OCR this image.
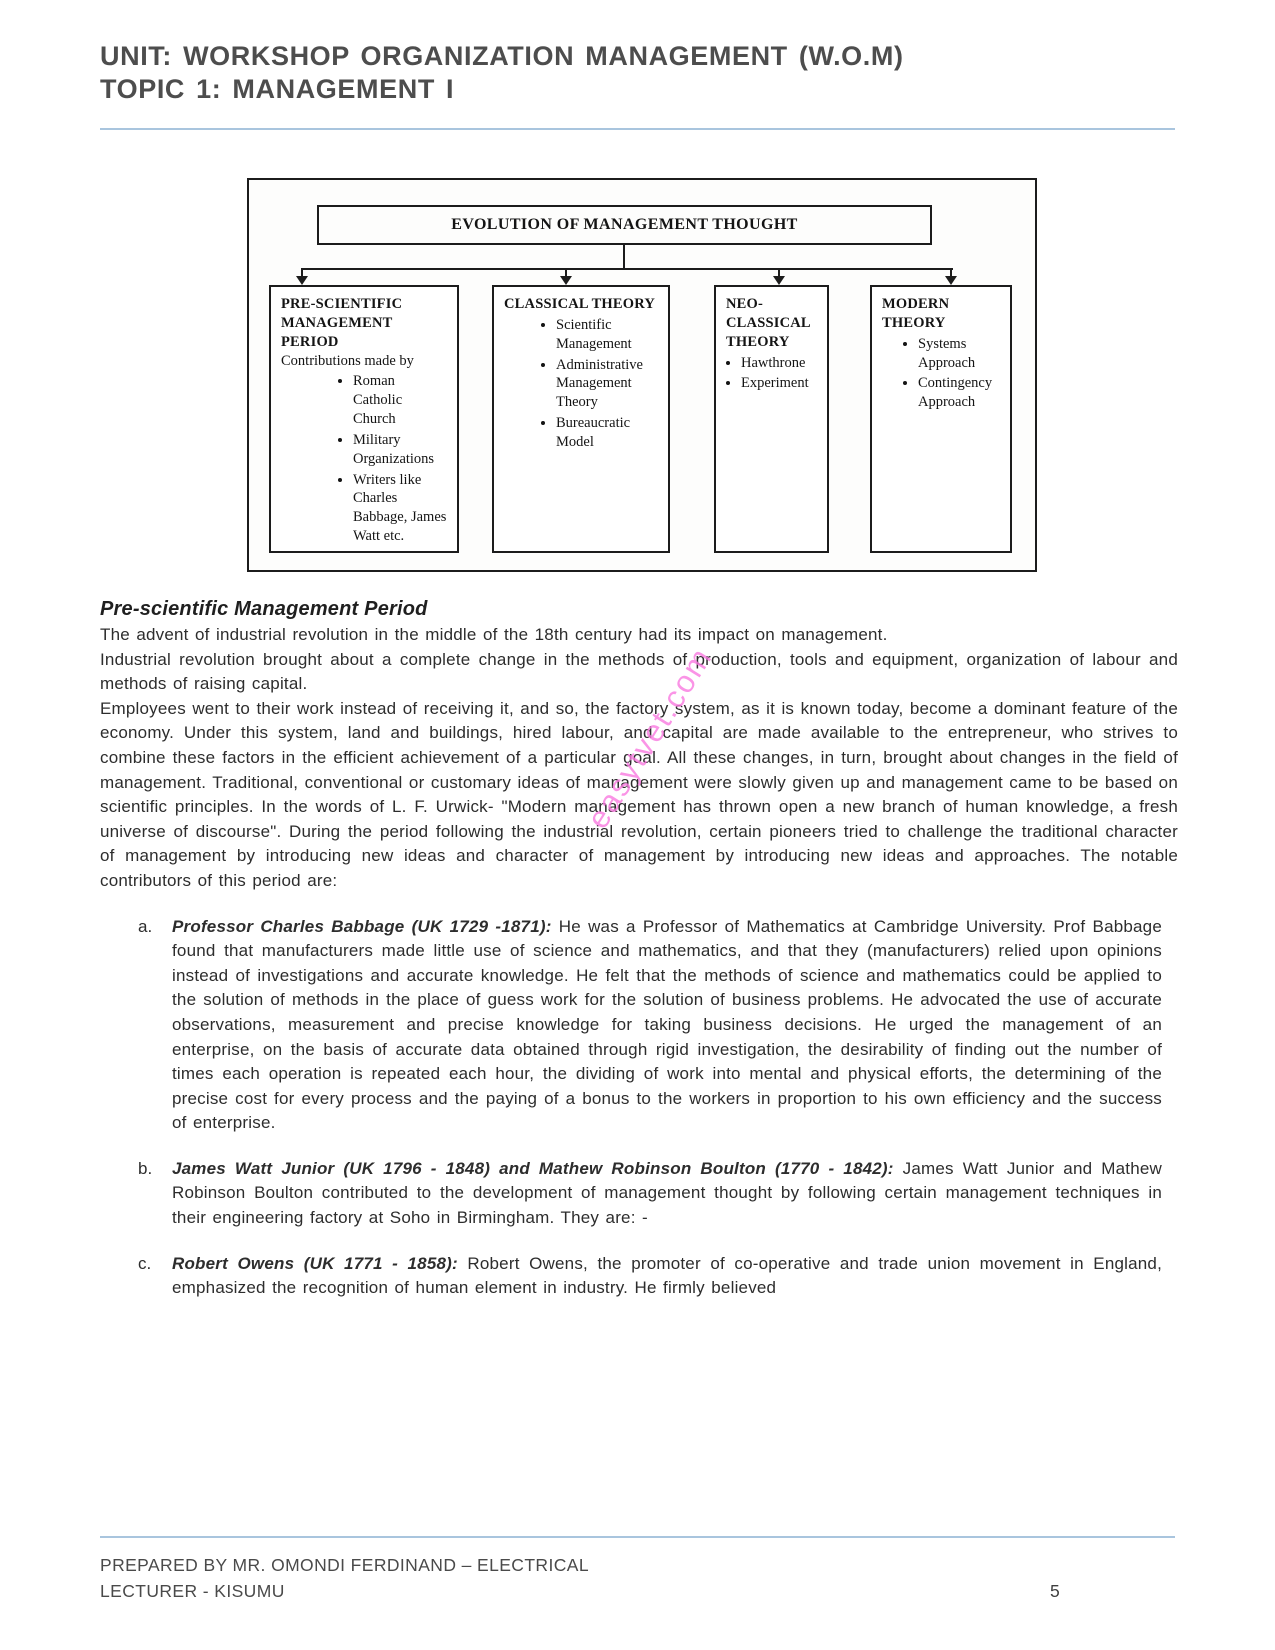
UNIT: WORKSHOP ORGANIZATION MANAGEMENT (W.O.M)
TOPIC 1: MANAGEMENT I
EVOLUTION OF MANAGEMENT THOUGHT
PRE-SCIENTIFIC MANAGEMENT PERIOD
Contributions made by
• Roman Catholic Church
• Military Organizations
• Writers like Charles Babbage, James Watt etc.
CLASSICAL THEORY
• Scientific Management
• Administrative Management Theory
• Bureaucratic Model
NEO-CLASSICAL THEORY
• Hawthrone
• Experiment
MODERN THEORY
• Systems Approach
• Contingency Approach
easytvet.com
Pre-scientific Management Period

The advent of industrial revolution in the middle of the 18th century had its impact on management.

Industrial revolution brought about a complete change in the methods of production, tools and equipment, organization of labour and methods of raising capital.

Employees went to their work instead of receiving it, and so, the factory system, as it is known today, become a dominant feature of the economy. Under this system, land and buildings, hired labour, and capital are made available to the entrepreneur, who strives to combine these factors in the efficient achievement of a particular goal. All these changes, in turn, brought about changes in the field of management. Traditional, conventional or customary ideas of management were slowly given up and management came to be based on scientific principles. In the words of L. F. Urwick- "Modern management has thrown open a new branch of human knowledge, a fresh universe of discourse". During the period following the industrial revolution, certain pioneers tried to challenge the traditional character of management by introducing new ideas and character of management by introducing new ideas and approaches. The notable contributors of this period are:

a.	Professor Charles Babbage (UK 1729 -1871): He was a Professor of Mathematics at Cambridge University. Prof Babbage found that manufacturers made little use of science and mathematics, and that they (manufacturers) relied upon opinions instead of investigations and accurate knowledge. He felt that the methods of science and mathematics could be applied to the solution of methods in the place of guess work for the solution of business problems. He advocated the use of accurate observations, measurement and precise knowledge for taking business decisions. He urged the management of an enterprise, on the basis of accurate data obtained through rigid investigation, the desirability of finding out the number of times each operation is repeated each hour, the dividing of work into mental and physical efforts, the determining of the precise cost for every process and the paying of a bonus to the workers in proportion to his own efficiency and the success of enterprise.
b.	James Watt Junior (UK 1796 - 1848) and Mathew Robinson Boulton (1770 - 1842): James Watt Junior and Mathew Robinson Boulton contributed to the development of management thought by following certain management techniques in their engineering factory at Soho in Birmingham. They are: -
c.	Robert Owens (UK 1771 - 1858): Robert Owens, the promoter of co-operative and trade union movement in England, emphasized the recognition of human element in industry. He firmly believed
PREPARED BY MR. OMONDI FERDINAND – ELECTRICAL
LECTURER - KISUMU	5
